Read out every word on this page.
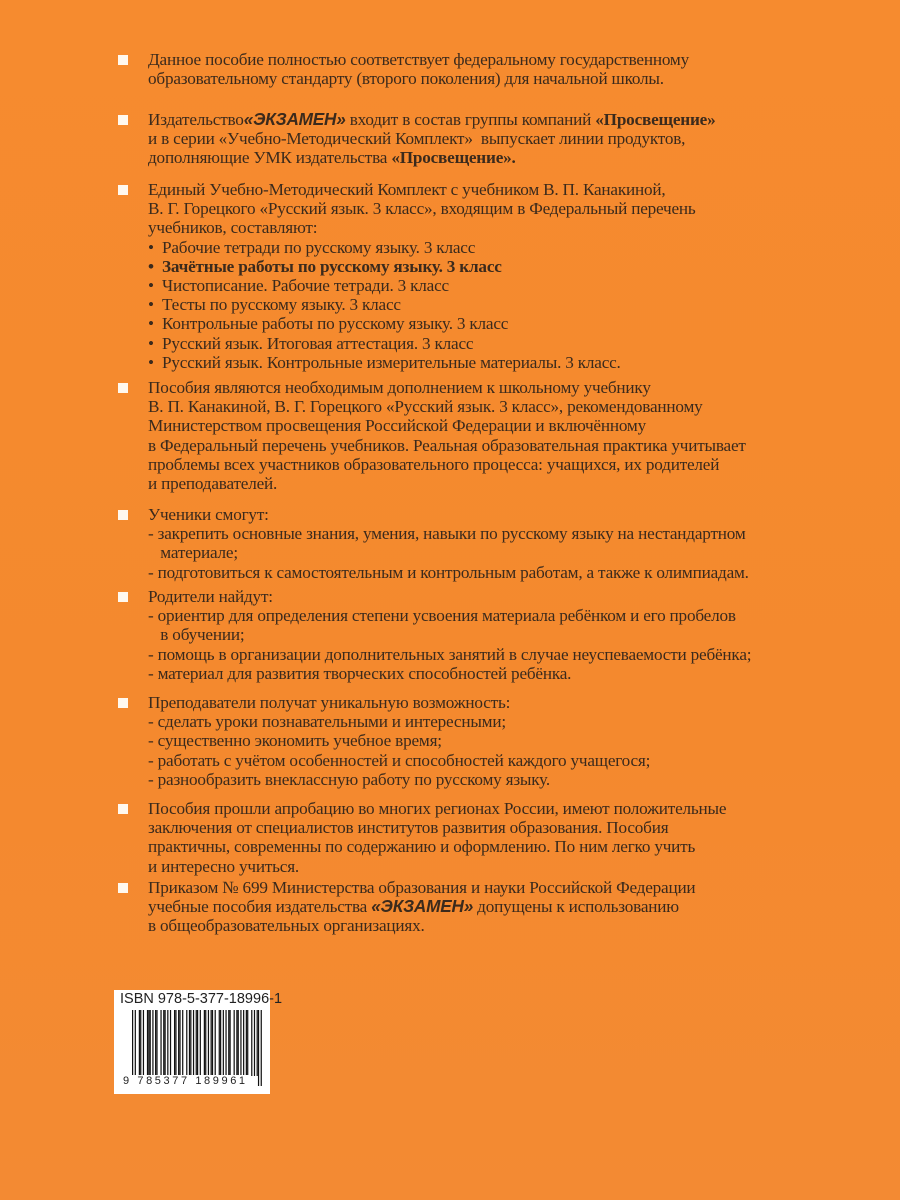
Данное пособие полностью соответствует федеральному государственному
образовательному стандарту (второго поколения) для начальной школы.
Издательство«ЭКЗАМЕН» входит в состав группы компаний «Просвещение»
и в серии «Учебно-Методический Комплект»  выпускает линии продуктов,
дополняющие УМК издательства «Просвещение».
Единый Учебно-Методический Комплект с учебником В. П. Канакиной,
В. Г. Горецкого «Русский язык. 3 класс», входящим в Федеральный перечень
учебников, составляют:
•  Рабочие тетради по русскому языку. 3 класс
•  Зачётные работы по русскому языку. 3 класс
•  Чистописание. Рабочие тетради. 3 класс
•  Тесты по русскому языку. 3 класс
•  Контрольные работы по русскому языку. 3 класс
•  Русский язык. Итоговая аттестация. 3 класс
•  Русский язык. Контрольные измерительные материалы. 3 класс.
Пособия являются необходимым дополнением к школьному учебнику
В. П. Канакиной, В. Г. Горецкого «Русский язык. 3 класс», рекомендованному
Министерством просвещения Российской Федерации и включённому
в Федеральный перечень учебников. Реальная образовательная практика учитывает
проблемы всех участников образовательного процесса: учащихся, их родителей
и преподавателей.
Ученики смогут:
- закрепить основные знания, умения, навыки по русскому языку на нестандартном
материале;
- подготовиться к самостоятельным и контрольным работам, а также к олимпиадам.
Родители найдут:
- ориентир для определения степени усвоения материала ребёнком и его пробелов
в обучении;
- помощь в организации дополнительных занятий в случае неуспеваемости ребёнка;
- материал для развития творческих способностей ребёнка.
Преподаватели получат уникальную возможность:
- сделать уроки познавательными и интересными;
- существенно экономить учебное время;
- работать с учётом особенностей и способностей каждого учащегося;
- разнообразить внеклассную работу по русскому языку.
Пособия прошли апробацию во многих регионах России, имеют положительные
заключения от специалистов институтов развития образования. Пособия
практичны, современны по содержанию и оформлению. По ним легко учить
и интересно учиться.
Приказом № 699 Министерства образования и науки Российской Федерации
учебные пособия издательства «ЭКЗАМЕН» допущены к использованию
в общеобразовательных организациях.
ISBN 978-5-377-18996-1
9 785377 189961
